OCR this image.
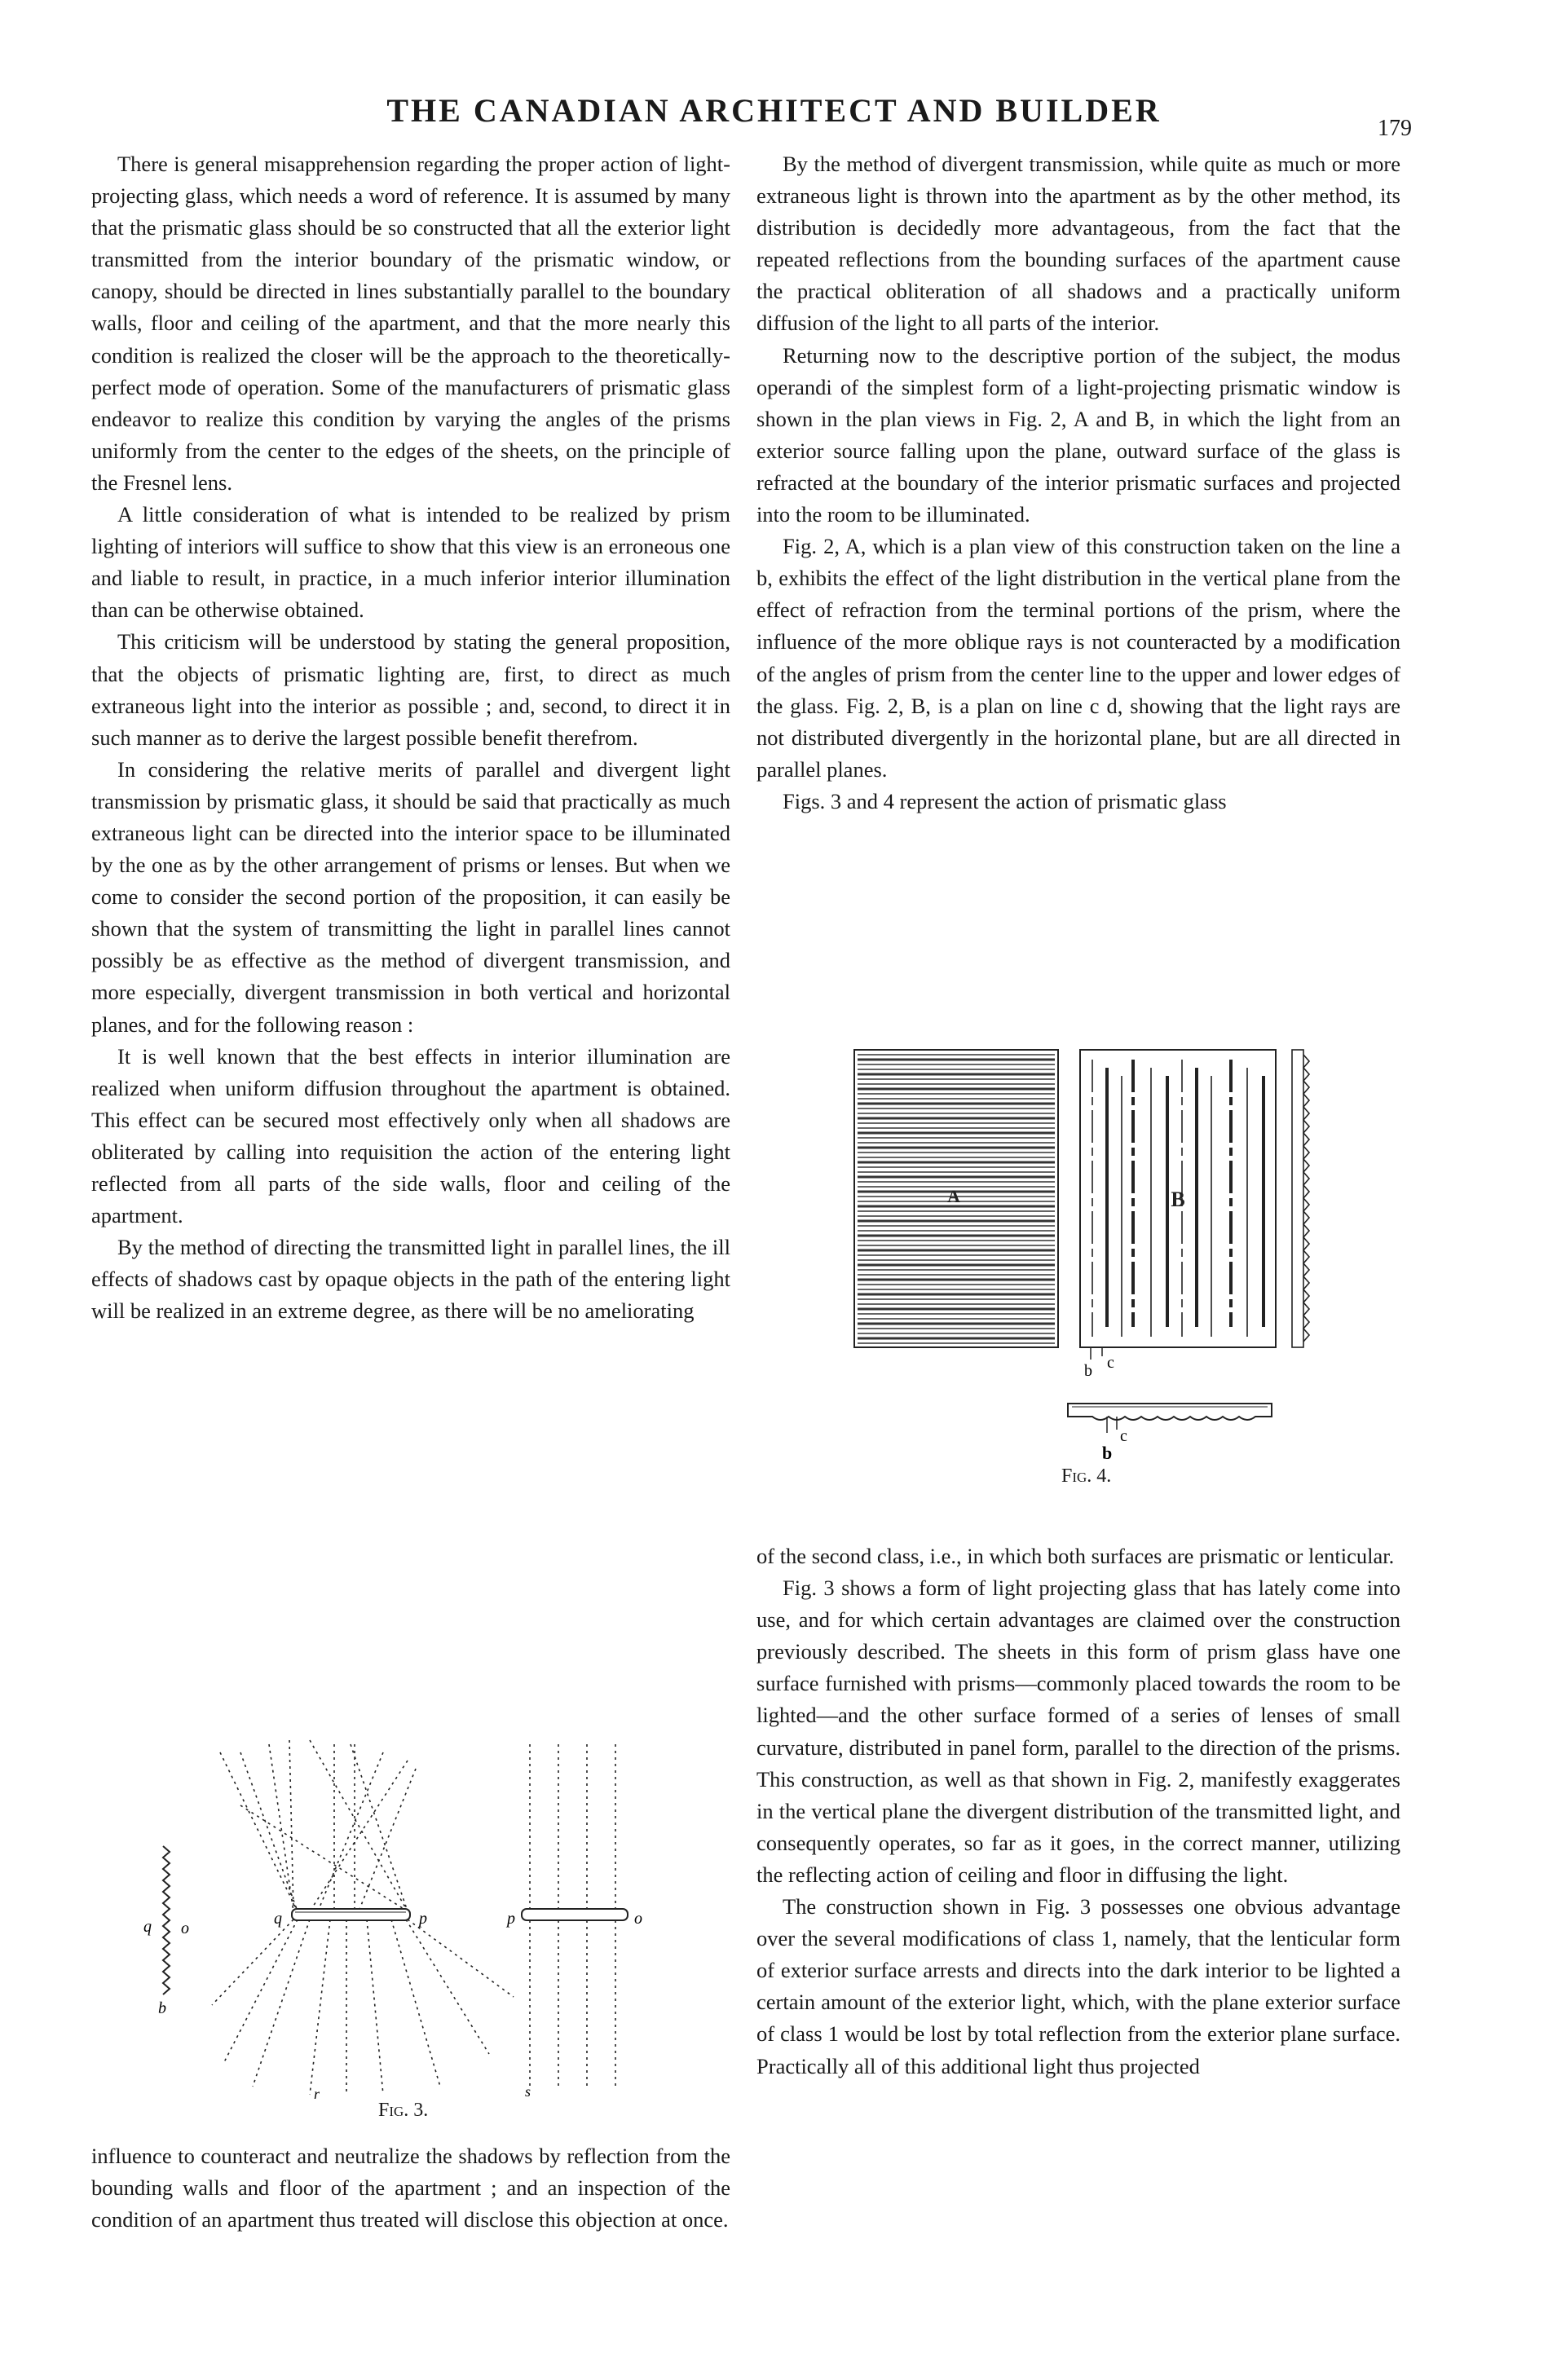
THE CANADIAN ARCHITECT AND BUILDER	179

There is general misapprehension regarding the proper action of light-projecting glass, which needs a word of reference. It is assumed by many that the prismatic glass should be so constructed that all the exterior light transmitted from the interior boundary of the prismatic window, or canopy, should be directed in lines substantially parallel to the boundary walls, floor and ceiling of the apartment, and that the more nearly this condition is realized the closer will be the approach to the theoretically-perfect mode of operation. Some of the manufacturers of prismatic glass endeavor to realize this condition by varying the angles of the prisms uniformly from the center to the edges of the sheets, on the principle of the Fresnel lens.

A little consideration of what is intended to be realized by prism lighting of interiors will suffice to show that this view is an erroneous one and liable to result, in practice, in a much inferior interior illumination than can be otherwise obtained.

This criticism will be understood by stating the general proposition, that the objects of prismatic lighting are, first, to direct as much extraneous light into the interior as possible ; and, second, to direct it in such manner as to derive the largest possible benefit therefrom.

In considering the relative merits of parallel and divergent light transmission by prismatic glass, it should be said that practically as much extraneous light can be directed into the interior space to be illuminated by the one as by the other arrangement of prisms or lenses. But when we come to consider the second portion of the proposition, it can easily be shown that the system of transmitting the light in parallel lines cannot possibly be as effective as the method of divergent transmission, and more especially, divergent transmission in both vertical and horizontal planes, and for the following reason :

It is well known that the best effects in interior illumination are realized when uniform diffusion throughout the apartment is obtained. This effect can be secured most effectively only when all shadows are obliterated by calling into requisition the action of the entering light reflected from all parts of the side walls, floor and ceiling of the apartment.

By the method of directing the transmitted light in parallel lines, the ill effects of shadows cast by opaque objects in the path of the entering light will be realized in an extreme degree, as there will be no ameliorating

b
q o
q	p
r
p	o
s
Fig. 3.

influence to counteract and neutralize the shadows by reflection from the bounding walls and floor of the apartment ; and an inspection of the condition of an apartment thus treated will disclose this objection at once.

By the method of divergent transmission, while quite as much or more extraneous light is thrown into the apartment as by the other method, its distribution is decidedly more advantageous, from the fact that the repeated reflections from the bounding surfaces of the apartment cause the practical obliteration of all shadows and a practically uniform diffusion of the light to all parts of the interior.

Returning now to the descriptive portion of the subject, the modus operandi of the simplest form of a light-projecting prismatic window is shown in the plan views in Fig. 2, A and B, in which the light from an exterior source falling upon the plane, outward surface of the glass is refracted at the boundary of the interior prismatic surfaces and projected into the room to be illuminated.

Fig. 2, A, which is a plan view of this construction taken on the line a b, exhibits the effect of the light distribution in the vertical plane from the effect of refraction from the terminal portions of the prism, where the influence of the more oblique rays is not counteracted by a modification of the angles of prism from the center line to the upper and lower edges of the glass. Fig. 2, B, is a plan on line c d, showing that the light rays are not distributed divergently in the horizontal plane, but are all directed in parallel planes.

Figs. 3 and 4 represent the action of prismatic glass

A	B
b c
c
b
Fig. 4.

of the second class, i.e., in which both surfaces are prismatic or lenticular.

Fig. 3 shows a form of light projecting glass that has lately come into use, and for which certain advantages are claimed over the construction previously described. The sheets in this form of prism glass have one surface furnished with prisms—commonly placed towards the room to be lighted—and the other surface formed of a series of lenses of small curvature, distributed in panel form, parallel to the direction of the prisms. This construction, as well as that shown in Fig. 2, manifestly exaggerates in the vertical plane the divergent distribution of the transmitted light, and consequently operates, so far as it goes, in the correct manner, utilizing the reflecting action of ceiling and floor in diffusing the light.

The construction shown in Fig. 3 possesses one obvious advantage over the several modifications of class 1, namely, that the lenticular form of exterior surface arrests and directs into the dark interior to be lighted a certain amount of the exterior light, which, with the plane exterior surface of class 1 would be lost by total reflection from the exterior plane surface. Practically all of this additional light thus projected
